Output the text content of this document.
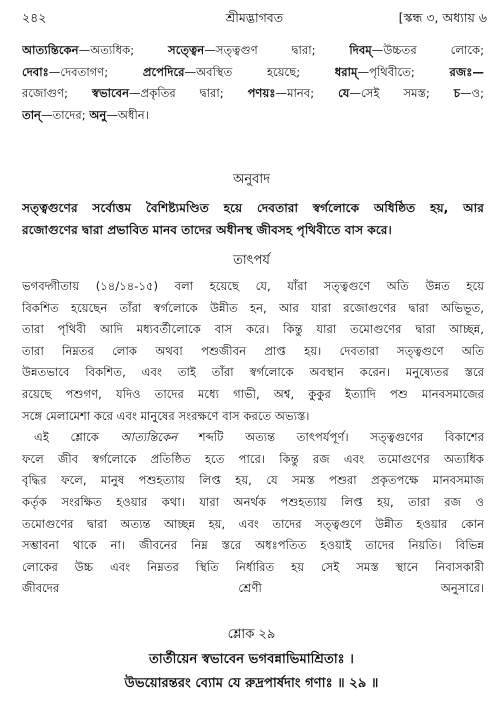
২৪২	শ্রীমদ্ভাগবত	[স্কন্ধ ৩, অধ্যায় ৬
আত্যন্তিকেন—অত্যধিক; সত্ত্বেন—সত্ত্বগুণ দ্বারা; দিবম্—উচ্চতর লোকে;
দেবাঃ—দেবতাগণ; প্রপেদিরে—অবস্থিত হয়েছে; ধরাম্—পৃথিবীতে; রজঃ—
রজোগুণ; স্বভাবেন—প্রকৃতির দ্বারা; পণয়ঃ—মানব; যে—সেই সমস্ত; চ—ও;
তান্—তাদের; অনু—অধীন।
অনুবাদ
সত্ত্বগুণের সর্বোত্তম বৈশিষ্ট্যমণ্ডিত হয়ে দেবতারা স্বর্গলোকে অধিষ্ঠিত হয়, আর
রজোগুণের দ্বারা প্রভাবিত মানব তাদের অধীনস্থ জীবসহ পৃথিবীতে বাস করে।
তাৎপর্য
ভগবদ্গীতায় (১৪/১৪-১৫) বলা হয়েছে যে, যাঁরা সত্ত্বগুণে অতি উন্নত হয়ে
বিকশিত হয়েছেন তাঁরা স্বর্গলোকে উন্নীত হন, আর যারা রজোগুণের দ্বারা অভিভূত,
তারা পৃথিবী আদি মধ্যবর্তীলোকে বাস করে। কিন্তু যারা তমোগুণের দ্বারা আচ্ছন্ন,
তারা নিম্নতর লোক অথবা পশুজীবন প্রাপ্ত হয়। দেবতারা সত্ত্বগুণে অতি
উন্নতভাবে বিকশিত, এবং তাই তাঁরা স্বর্গলোকে অবস্থান করেন। মনুষ্যেতর স্তরে
রয়েছে পশুগণ, যদিও তাদের মধ্যে গাভী, অশ্ব, কুকুর ইত্যাদি পশু মানবসমাজের
সঙ্গে মেলামেশা করে এবং মানুষের সংরক্ষণে বাস করতে অভ্যস্ত।
এই শ্লোকে আত্যন্তিকেন শব্দটি অত্যন্ত তাৎপর্যপূর্ণ। সত্ত্বগুণের বিকাশের
ফলে জীব স্বর্গলোকে প্রতিষ্ঠিত হতে পারে। কিন্তু রজ এবং তমোগুণের অত্যধিক
বৃদ্ধির ফলে, মানুষ পশুহত্যায় লিপ্ত হয়, যে সমস্ত পশুরা প্রকৃতপক্ষে মানবসমাজ
কর্তৃক সংরক্ষিত হওয়ার কথা। যারা অনর্থক পশুহত্যায় লিপ্ত হয়, তারা রজ ও
তমোগুণের দ্বারা অত্যন্ত আচ্ছন্ন হয়, এবং তাদের সত্ত্বগুণে উন্নীত হওয়ার কোন
সম্ভাবনা থাকে না। জীবনের নিম্ন স্তরে অধঃপতিত হওয়াই তাদের নিয়তি। বিভিন্ন
লোকের উচ্চ এবং নিম্নতর স্থিতি নির্ধারিত হয় সেই সমস্ত স্থানে নিবাসকারী
জীবদের শ্রেণী অনুসারে।
শ্লোক ২৯
তার্তীয়েন স্বভাবেন ভগবন্নাভিমাশ্রিতাঃ ।
উভয়োরন্তরং ব্যোম যে রুদ্রপার্ষদাং গণাঃ ॥ ২৯ ॥
